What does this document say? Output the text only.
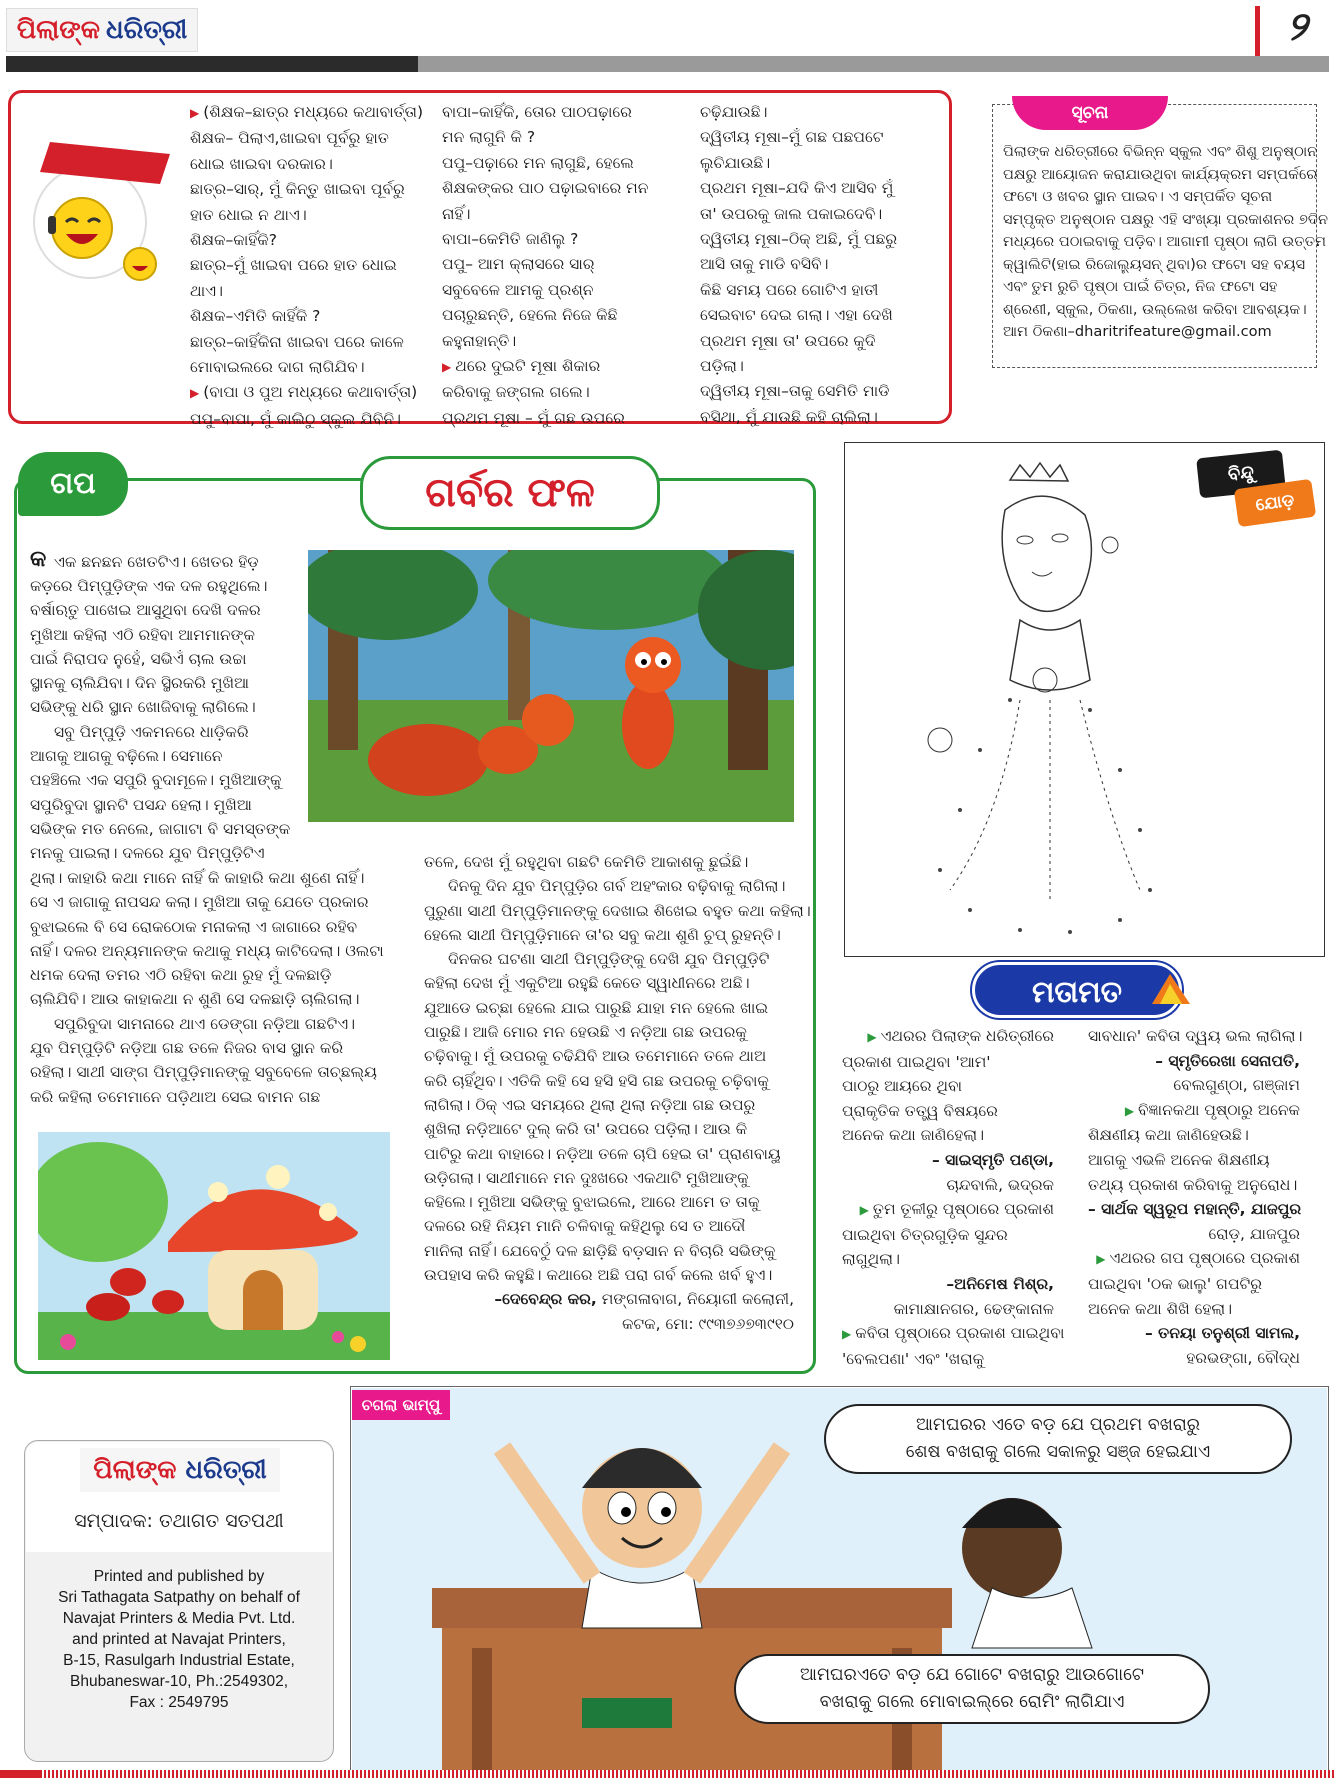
ପିଲାଙ୍କ ଧରିତ୍ରୀ	୨
ଖିଲି ଖିଲି ଗପ

▶ (ଶିକ୍ଷକ–ଛାତ୍ର ମଧ୍ୟରେ କଥାବାର୍ତ୍ତା)

ଶିକ୍ଷକ– ପିଲାଏ,ଖାଇବା ପୂର୍ବରୁ ହାତ

ଧୋଇ ଖାଇବା ଦରକାର।

ଛାତ୍ର–ସାର୍, ମୁଁ କିନ୍ତୁ ଖାଇବା ପୂର୍ବରୁ

ହାତ ଧୋଇ ନ ଥାଏ।

ଶିକ୍ଷକ–କାହିଁକି?

ଛାତ୍ର–ମୁଁ ଖାଇବା ପରେ ହାତ ଧୋଇ

ଥାଏ।

ଶିକ୍ଷକ–ଏମିତି କାହିଁକି ?

ଛାତ୍ର–କାହିଁକିନା ଖାଇବା ପରେ କାଳେ

ମୋବାଇଲରେ ଦାଗ ଲାଗିଯିବ।

▶ (ବାପା ଓ ପୁଅ ମଧ୍ୟରେ କଥାବାର୍ତ୍ତା)

ପପୁ–ବାପା, ମୁଁ କାଲିଠୁ ସ୍କୁଲ ଯିବିନି।

ବାପା–କାହିଁକି, ତୋର ପାଠପଢ଼ାରେ

ମନ ଲାଗୁନି କି ?

ପପୁ–ପଢ଼ାରେ ମନ ଲାଗୁଛି, ହେଲେ

ଶିକ୍ଷକଙ୍କର ପାଠ ପଢ଼ାଇବାରେ ମନ

ନାହିଁ।

ବାପା–କେମିତି ଜାଣିଲୁ ?

ପପୁ– ଆମ କ୍ଲାସରେ ସାର୍

ସବୁବେଳେ ଆମକୁ ପ୍ରଶ୍ନ

ପଚାରୁଛନ୍ତି, ହେଲେ ନିଜେ କିଛି

କହୁନାହାନ୍ତି।

▶ ଥରେ ଦୁଇଟି ମୂଷା ଶିକାର

କରିବାକୁ ଜଙ୍ଗଲ ଗଲେ।

ପ୍ରଥମ ମୂଷା – ମୁଁ ଗଛ ଉପରେ

ଚଢ଼ିଯାଉଛି।

ଦ୍ୱିତୀୟ ମୂଷା–ମୁଁ ଗଛ ପଛପଟେ

ଲୁଚିଯାଉଛି।

ପ୍ରଥମ ମୂଷା–ଯଦି କିଏ ଆସିବ ମୁଁ

ତା' ଉପରକୁ ଜାଲ ପକାଇଦେବି।

ଦ୍ୱିତୀୟ ମୂଷା–ଠିକ୍ ଅଛି, ମୁଁ ପଛରୁ

ଆସି ତାକୁ ମାଡି ବସିବି।

କିଛି ସମୟ ପରେ ଗୋଟିଏ ହାତୀ

ସେଇବାଟ ଦେଇ ଗଲା। ଏହା ଦେଖି

ପ୍ରଥମ ମୂଷା ତା' ଉପରେ କୁଦି

ପଡ଼ିଲା।

ଦ୍ୱିତୀୟ ମୂଷା–ତାକୁ ସେମିତି ମାଡି

ବସିଥା, ମୁଁ ଯାଉଛି କହି ଚାଲିଲା।

ପିଲାଙ୍କ ଧରିତ୍ରୀରେ ବିଭିନ୍ନ ସ୍କୁଲ ଏବଂ ଶିଶୁ ଅନୁଷ୍ଠାନ

ପକ୍ଷରୁ ଆୟୋଜନ କରାଯାଉଥିବା କାର୍ଯ୍ୟକ୍ରମ ସମ୍ପର୍କରେ

ଫଟୋ ଓ ଖବର ସ୍ଥାନ ପାଇବ। ଏ ସମ୍ପର୍କିତ ସୂଚନା

ସମ୍ପୃକ୍ତ ଅନୁଷ୍ଠାନ ପକ୍ଷରୁ ଏହି ସଂଖ୍ୟା ପ୍ରକାଶନର ୭ଦିନ

ମଧ୍ୟରେ ପଠାଇବାକୁ ପଡ଼ିବ। ଆଗାମୀ ପୃଷ୍ଠା ଲାଗି ଉତ୍ତମ

କ୍ୱାଲିଟି(ହାଇ ରିଜୋଲ୍ୟୁସନ୍ ଥିବା)ର ଫଟୋ ସହ ବୟସ

ଏବଂ ତୁମ ରୁଚି ପୃଷ୍ଠା ପାଇଁ ଚିତ୍ର, ନିଜ ଫଟୋ ସହ

ଶ୍ରେଣୀ, ସ୍କୁଲ, ଠିକଣା, ଉଲ୍ଲେଖ କରିବା ଆବଶ୍ୟକ।

ଆମ ଠିକଣା–dharitrifeature@gmail.com

ସୂଚନା
ଗପ	ଗର୍ବର ଫଳ
କ ଏକ ଛନଛନ ଖେତଟିଏ। ଖେତର ହିଡ଼

କଡ଼ରେ ପିମ୍ପୁଡ଼ିଙ୍କ ଏକ ଦଳ ରହୁଥିଲେ।

ବର୍ଷାଋତୁ ପାଖେଇ ଆସୁଥିବା ଦେଖି ଦଳର

ମୁଖିଆ କହିଲା ଏଠି ରହିବା ଆମମାନଙ୍କ

ପାଇଁ ନିରାପଦ ନୁହେଁ, ସଭିଏଁ ଚାଲ ଉଚ୍ଚା

ସ୍ଥାନକୁ ଚାଲିଯିବା। ଦିନ ସ୍ଥିରକରି ମୁଖିଆ

ସଭିଙ୍କୁ ଧରି ସ୍ଥାନ ଖୋଜିବାକୁ ଲାଗିଲେ।

ସବୁ ପିମ୍ପୁଡ଼ି ଏକମନରେ ଧାଡ଼ିକରି

ଆଗକୁ ଆଗକୁ ବଢ଼ିଲେ। ସେମାନେ

ପହଞ୍ଚିଲେ ଏକ ସପୁରି ବୁଦାମୂଳେ। ମୁଖିଆଙ୍କୁ

ସପୁରିବୁଦା ସ୍ଥାନଟି ପସନ୍ଦ ହେଲା। ମୁଖିଆ

ସଭିଙ୍କ ମତ ନେଲେ, ଜାଗାଟା ବି ସମସ୍ତଙ୍କ

ମନକୁ ପାଇଲା। ଦଳରେ ଯୁବ ପିମ୍ପୁଡ଼ିଟିଏ

ଥିଲା। କାହାରି କଥା ମାନେ ନାହିଁ କି କାହାରି କଥା ଶୁଣେ ନାହିଁ।

ସେ ଏ ଜାଗାକୁ ନାପସନ୍ଦ କଲା। ମୁଖିଆ ତାକୁ ଯେତେ ପ୍ରକାର

ବୁଝାଇଲେ ବି ସେ ରୋକଠୋକ ମନାକଲା ଏ ଜାଗାରେ ରହିବ

ନାହିଁ। ଦଳର ଅନ୍ୟମାନଙ୍କ କଥାକୁ ମଧ୍ୟ କାଟିଦେଲା। ଓଲଟା

ଧମକ ଦେଲା ତମର ଏଠି ରହିବା କଥା ରୁହ ମୁଁ ଦଳଛାଡ଼ି

ଚାଲିଯିବି। ଆଉ କାହାକଥା ନ ଶୁଣି ସେ ଦଳଛାଡ଼ି ଚାଲିଗଲା।

ସପୁରିବୁଦା ସାମନାରେ ଥାଏ ଡେଙ୍ଗା ନଡ଼ିଆ ଗଛଟିଏ।

ଯୁବ ପିମ୍ପୁଡ଼ିଟି ନଡ଼ିଆ ଗଛ ତଳେ ନିଜର ବାସ ସ୍ଥାନ କରି

ରହିଲା। ସାଥୀ ସାଙ୍ଗ ପିମ୍ପୁଡ଼ିମାନଙ୍କୁ ସବୁବେଳେ ତାଚ୍ଛଲ୍ୟ

କରି କହିଲା ତମେମାନେ ପଡ଼ିଥାଅ ସେଇ ବାମନ ଗଛ

ତଳେ, ଦେଖ ମୁଁ ରହୁଥିବା ଗଛଟି କେମିତି ଆକାଶକୁ ଛୁଇଁଛି।

ଦିନକୁ ଦିନ ଯୁବ ପିମ୍ପୁଡ଼ିର ଗର୍ବ ଅହଂକାର ବଢ଼ିବାକୁ ଲାଗିଲା।

ପୁରୁଣା ସାଥୀ ପିମ୍ପୁଡ଼ିମାନଙ୍କୁ ଦେଖାଇ ଶିଖେଇ ବହୁତ କଥା କହିଲା।

ହେଲେ ସାଥୀ ପିମ୍ପୁଡ଼ିମାନେ ତା'ର ସବୁ କଥା ଶୁଣି ଚୁପ୍ ରୁହନ୍ତି।

ଦିନକର ଘଟଣା ସାଥୀ ପିମ୍ପୁଡ଼ିଙ୍କୁ ଦେଖି ଯୁବ ପିମ୍ପୁଡ଼ିଟି

କହିଲା ଦେଖ ମୁଁ ଏକୁଟିଆ ରହୁଛି କେତେ ସ୍ୱାଧୀନରେ ଅଛି।

ଯୁଆଡେ ଇଚ୍ଛା ହେଲେ ଯାଇ ପାରୁଛି ଯାହା ମନ ହେଲେ ଖାଇ

ପାରୁଛି। ଆଜି ମୋର ମନ ହେଉଛି ଏ ନଡ଼ିଆ ଗଛ ଉପରକୁ

ଚଢ଼ିବାକୁ। ମୁଁ ଉପରକୁ ଚଢିଯିବି ଆଉ ତମେମାନେ ତଳେ ଥାଅ

କରି ଚାହିଁଥିବ। ଏତିକି କହି ସେ ହସି ହସି ଗଛ ଉପରକୁ ଚଢ଼ିବାକୁ

ଲାଗିଲା। ଠିକ୍ ଏଇ ସମୟରେ ଥିଲା ଥିଲା ନଡ଼ିଆ ଗଛ ଉପରୁ

ଶୁଖିଲା ନଡ଼ିଆଟେ ଦୁଲ୍ କରି ତା' ଉପରେ ପଡ଼ିଲା। ଆଉ କି

ପାଟିରୁ କଥା ବାହାରେ। ନଡ଼ିଆ ତଳେ ଚାପି ହେଇ ତା' ପ୍ରାଣବାୟୁ

ଉଡ଼ିଗଲା। ସାଥୀମାନେ ମନ ଦୁଃଖରେ ଏକଥାଟି ମୁଖିଆଙ୍କୁ

କହିଲେ। ମୁଖିଆ ସଭିଙ୍କୁ ବୁଝାଇଲେ, ଆରେ ଆମେ ତ ତାକୁ

ଦଳରେ ରହି ନିୟମ ମାନି ଚଳିବାକୁ କହିଥିଲୁ ସେ ତ ଆଦୌ

ମାନିଲା ନାହିଁ। ଯେବେଠୁଁ ଦଳ ଛାଡ଼ିଛି ବଡ଼ସାନ ନ ବିଚାରି ସଭିଙ୍କୁ

ଉପହାସ କରି କହୁଛି। କଥାରେ ଅଛି ପରା ଗର୍ବ କଲେ ଖର୍ବ ହୁଏ।

–ଦେବେନ୍ଦ୍ର କର, ମଙ୍ଗଳାବାଗ, ନିୟୋଗୀ କଲୋନୀ,

କଟକ, ମୋ: ୯୯୩୭୬୭୩୯୧୦

ବିନ୍ଦୁ
ଯୋଡ଼
ମତାମତ

▶ ଏଥରର ପିଲାଙ୍କ ଧରିତ୍ରୀରେ

ପ୍ରକାଶ ପାଇଥିବା 'ଆମ'

ପାଠରୁ ଆୟରେ ଥିବା

ପ୍ରାକୃତିକ ତତ୍ତ୍ୱ ବିଷୟରେ

ଅନେକ କଥା ଜାଣିହେଲା।

– ସାଇସ୍ମୃତି ପଣ୍ଡା,

ଚାନ୍ଦବାଲି, ଭଦ୍ରକ

▶ ତୁମ ତୂଳୀରୁ ପୃଷ୍ଠାରେ ପ୍ରକାଶ

ପାଇଥିବା ଚିତ୍ରଗୁଡ଼ିକ ସୁନ୍ଦର

ଲାଗୁଥିଲା।

–ଅନିମେଷ ମିଶ୍ର,

କାମାକ୍ଷାନଗର, ଢେଙ୍କାନାଳ

▶ କବିତା ପୃଷ୍ଠାରେ ପ୍ରକାଶ ପାଇଥିବା

'ବେଲପଣା' ଏବଂ 'ଖରାକୁ

ସାବଧାନ' କବିତା ଦ୍ୱୟ ଭଲ ଲାଗିଲା।

– ସ୍ମୃତିରେଖା ସେନାପତି,

ବେଲଗୁଣ୍ଠା, ଗଞ୍ଜାମ

▶ ବିଜ୍ଞାନକଥା ପୃଷ୍ଠାରୁ ଅନେକ

ଶିକ୍ଷଣୀୟ କଥା ଜାଣିହେଉଛି।

ଆଗକୁ ଏଭଳି ଅନେକ ଶିକ୍ଷଣୀୟ

ତଥ୍ୟ ପ୍ରକାଶ କରିବାକୁ ଅନୁରୋଧ।

– ସାର୍ଥକ ସ୍ୱରୂପ ମହାନ୍ତି, ଯାଜପୁର

ରୋଡ଼, ଯାଜପୁର

▶ ଏଥରର ଗପ ପୃଷ୍ଠାରେ ପ୍ରକାଶ

ପାଇଥିବା 'ଠକ ଭାଲୁ' ଗପଟିରୁ

ଅନେକ କଥା ଶିଖି ହେଲା।

– ତନୟା ତନୁଶ୍ରୀ ସାମଲ,

ହରଭଙ୍ଗା, ବୌଦ୍ଧ

ପିଲାଙ୍କ ଧରିତ୍ରୀ
ସମ୍ପାଦକ: ତଥାଗତ ସତପଥୀ

Printed and published by

Sri Tathagata Satpathy on behalf of

Navajat Printers & Media Pvt. Ltd.

and printed at Navajat Printers,

B-15, Rasulgarh Industrial Estate,

Bhubaneswar-10, Ph.:2549302,

Fax : 2549795

ଚଗଲା ଭାମ୍ପୁ

ଆମଘରର ଏତେ ବଡ଼ ଯେ ପ୍ରଥମ ବଖରାରୁ

ଶେଷ ବଖରାକୁ ଗଲେ ସକାଳରୁ ସଞ୍ଜ ହେଇଯାଏ

ଆମଘରଏତେ ବଡ଼ ଯେ ଗୋଟେ ବଖରାରୁ ଆଉଗୋଟେ

ବଖରାକୁ ଗଲେ ମୋବାଇଲ୍‌ରେ ରୋମିଂ ଲାଗିଯାଏ
